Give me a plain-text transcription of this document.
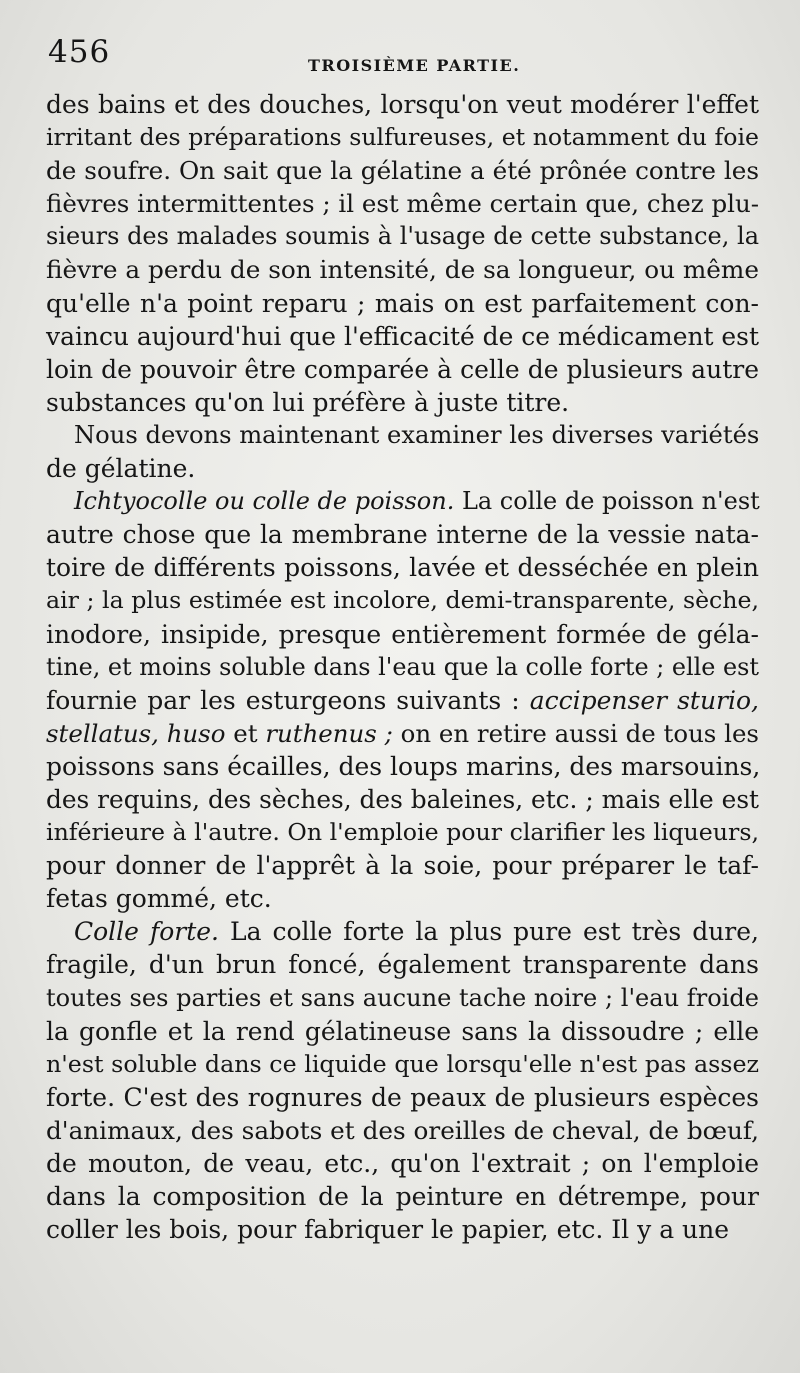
456	TROISIÈME PARTIE.
des bains et des douches, lorsqu'on veut modérer l'effet
irritant des préparations sulfureuses, et notamment du foie
de soufre. On sait que la gélatine a été prônée contre les
fièvres intermittentes ; il est même certain que, chez plu-
sieurs des malades soumis à l'usage de cette substance, la
fièvre a perdu de son intensité, de sa longueur, ou même
qu'elle n'a point reparu ; mais on est parfaitement con-
vaincu aujourd'hui que l'efficacité de ce médicament est
loin de pouvoir être comparée à celle de plusieurs autre
substances qu'on lui préfère à juste titre.
Nous devons maintenant examiner les diverses variétés
de gélatine.
Ichtyocolle ou colle de poisson. La colle de poisson n'est
autre chose que la membrane interne de la vessie nata-
toire de différents poissons, lavée et desséchée en plein
air ; la plus estimée est incolore, demi-transparente, sèche,
inodore, insipide, presque entièrement formée de géla-
tine, et moins soluble dans l'eau que la colle forte ; elle est
fournie par les esturgeons suivants : accipenser sturio,
stellatus, huso et ruthenus ; on en retire aussi de tous les
poissons sans écailles, des loups marins, des marsouins,
des requins, des sèches, des baleines, etc. ; mais elle est
inférieure à l'autre. On l'emploie pour clarifier les liqueurs,
pour donner de l'apprêt à la soie, pour préparer le taf-
fetas gommé, etc.
Colle forte. La colle forte la plus pure est très dure,
fragile, d'un brun foncé, également transparente dans
toutes ses parties et sans aucune tache noire ; l'eau froide
la gonfle et la rend gélatineuse sans la dissoudre ; elle
n'est soluble dans ce liquide que lorsqu'elle n'est pas assez
forte. C'est des rognures de peaux de plusieurs espèces
d'animaux, des sabots et des oreilles de cheval, de bœuf,
de mouton, de veau, etc., qu'on l'extrait ; on l'emploie
dans la composition de la peinture en détrempe, pour
coller les bois, pour fabriquer le papier, etc. Il y a une
